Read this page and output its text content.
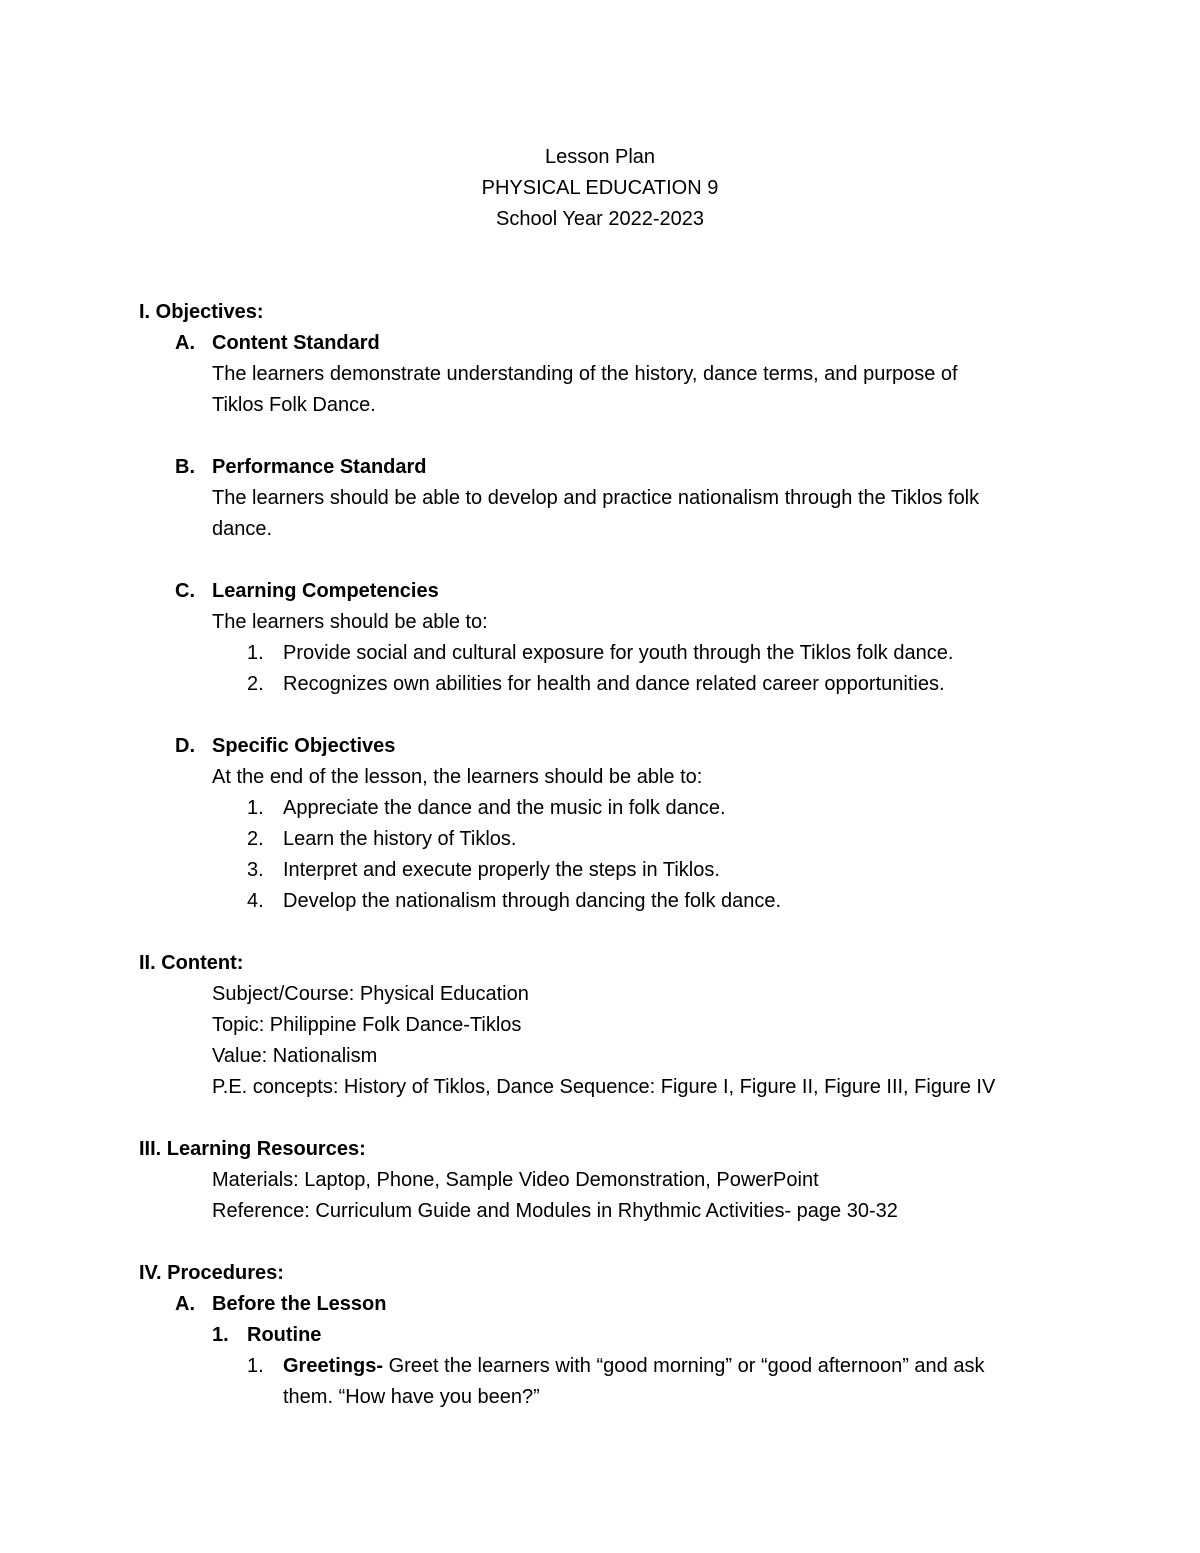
Lesson Plan
PHYSICAL EDUCATION 9
School Year 2022-2023
I. Objectives:
A. Content Standard
The learners demonstrate understanding of the history, dance terms, and purpose of
Tiklos Folk Dance.
B. Performance Standard
The learners should be able to develop and practice nationalism through the Tiklos folk
dance.
C. Learning Competencies
The learners should be able to:
1. Provide social and cultural exposure for youth through the Tiklos folk dance.
2. Recognizes own abilities for health and dance related career opportunities.
D. Specific Objectives
At the end of the lesson, the learners should be able to:
1. Appreciate the dance and the music in folk dance.
2. Learn the history of Tiklos.
3. Interpret and execute properly the steps in Tiklos.
4. Develop the nationalism through dancing the folk dance.
II. Content:
Subject/Course: Physical Education
Topic: Philippine Folk Dance-Tiklos
Value: Nationalism
P.E. concepts: History of Tiklos, Dance Sequence: Figure I, Figure II, Figure III, Figure IV
III. Learning Resources:
Materials: Laptop, Phone, Sample Video Demonstration, PowerPoint
Reference: Curriculum Guide and Modules in Rhythmic Activities- page 30-32
IV. Procedures:
A. Before the Lesson
1. Routine
1. Greetings- Greet the learners with “good morning” or “good afternoon” and ask
them. “How have you been?”
